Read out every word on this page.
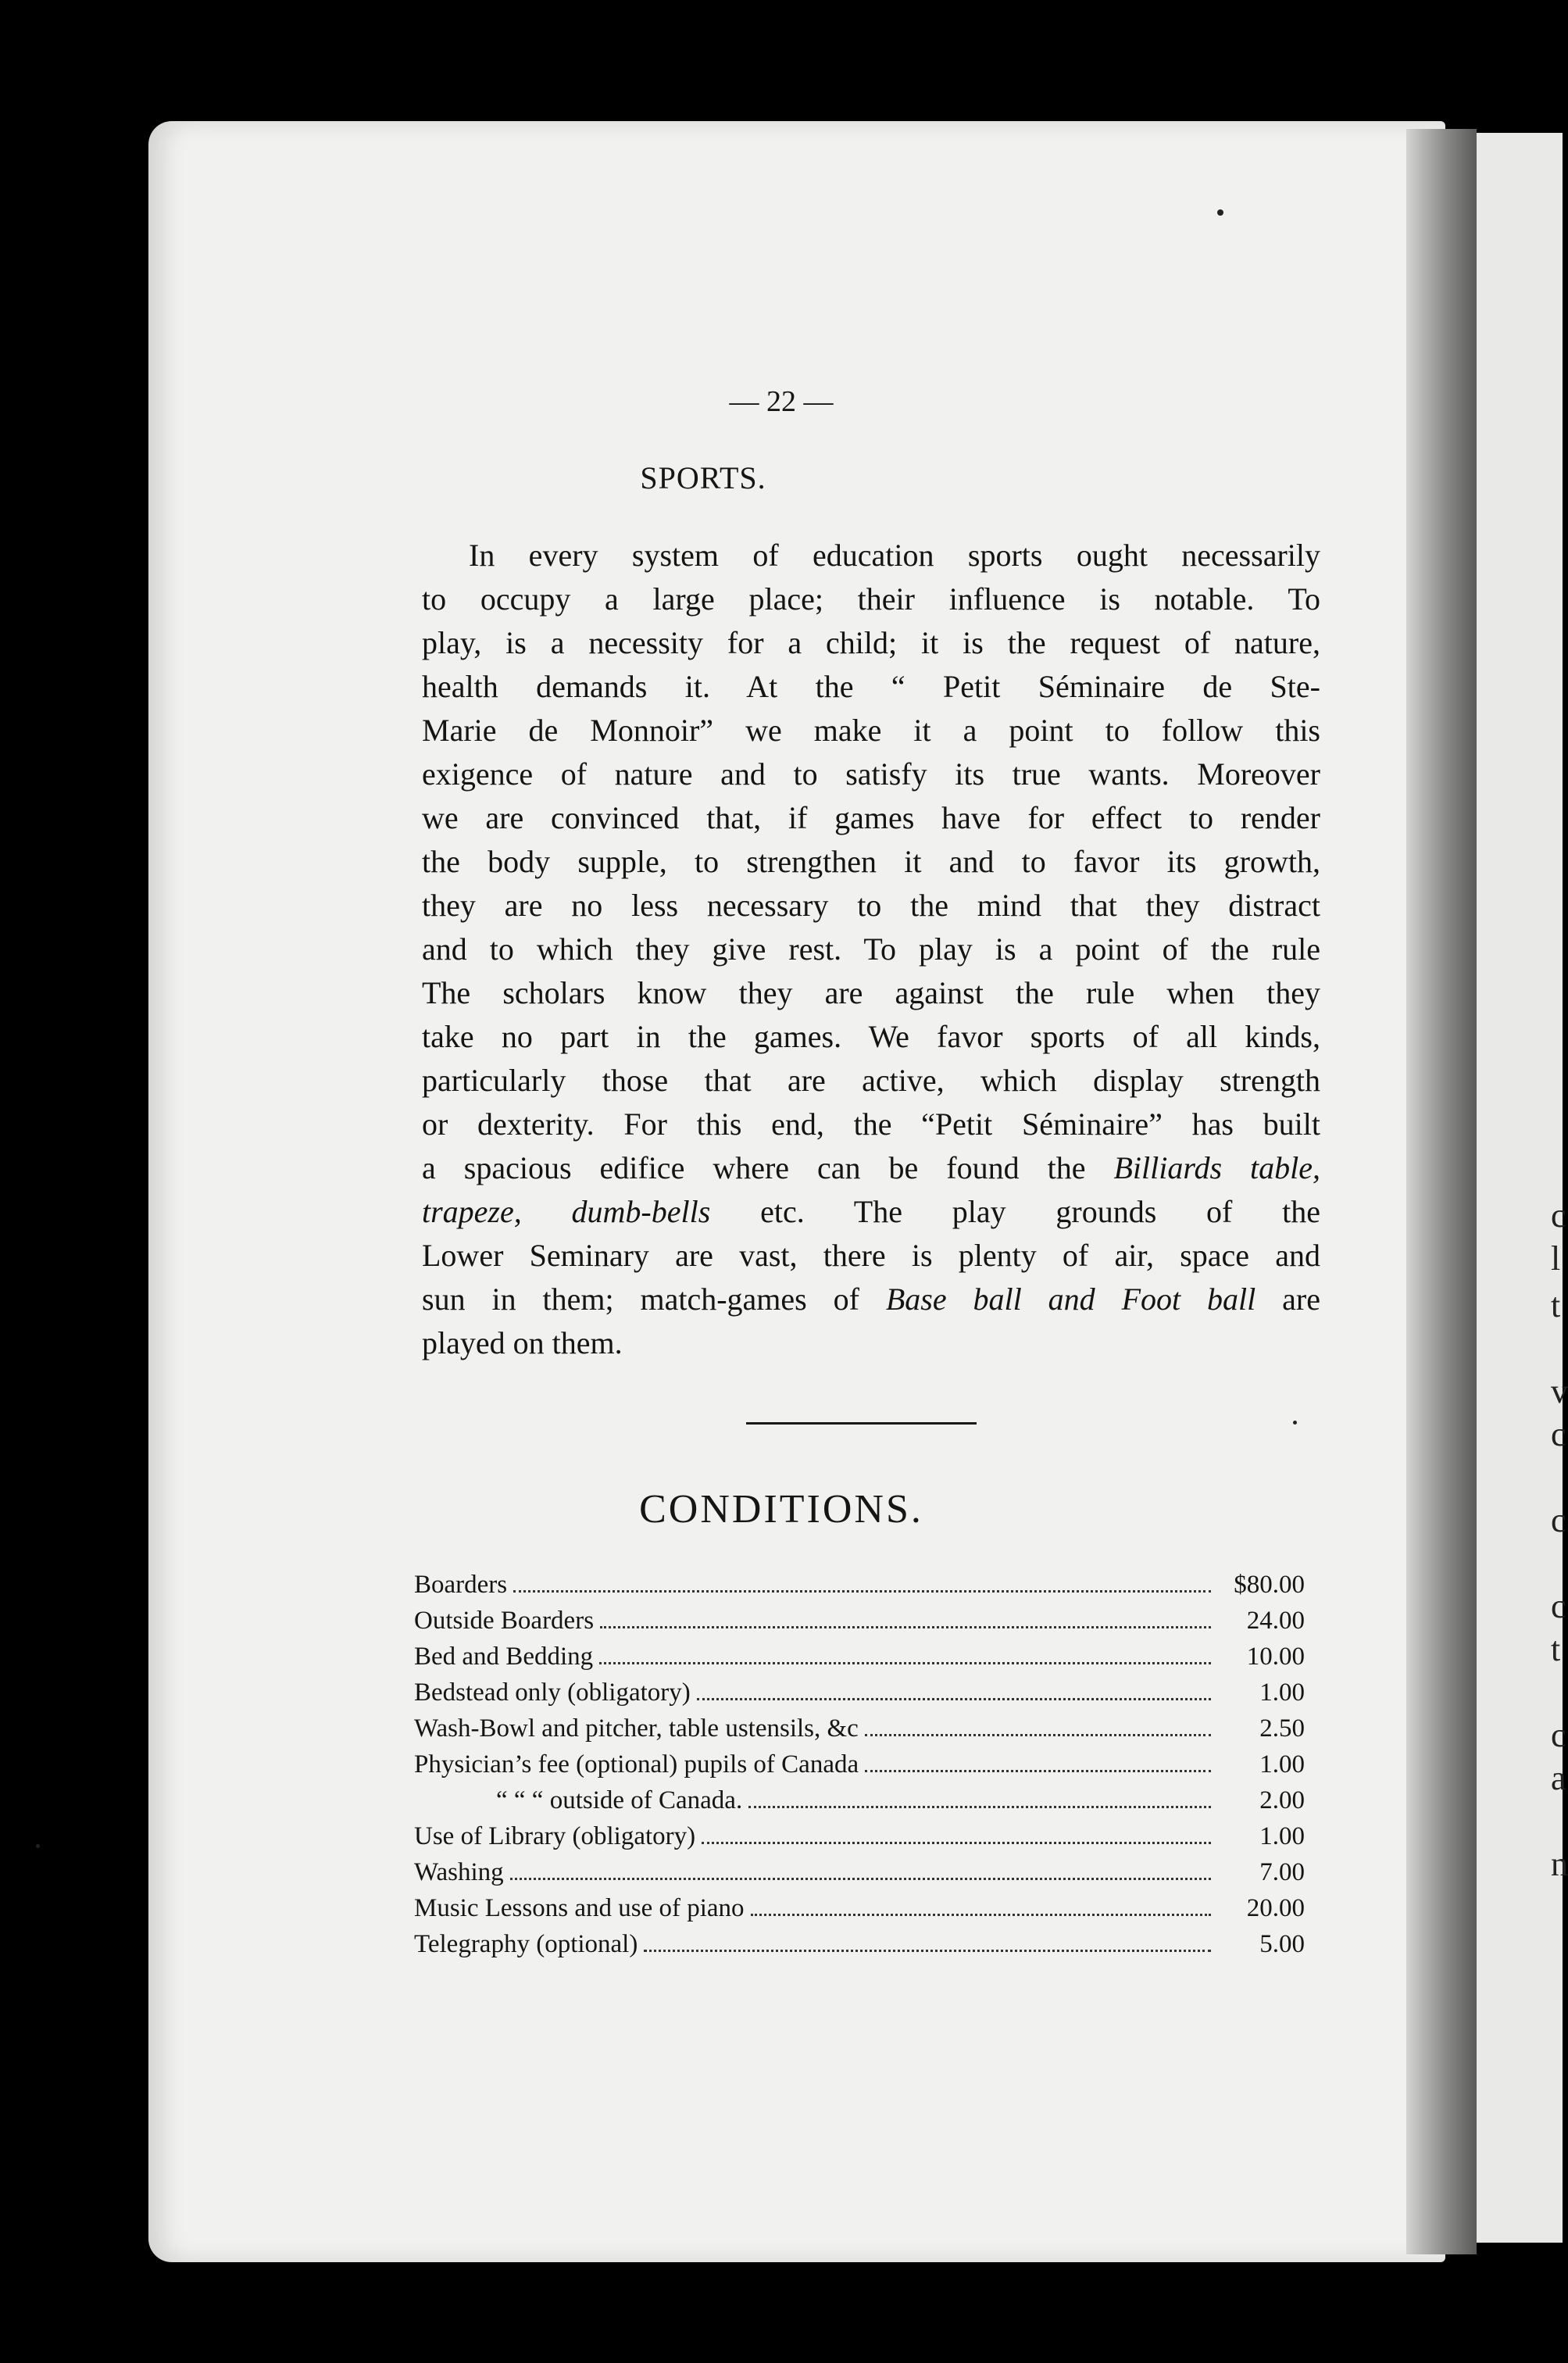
c
l
t
v
c
c
c
t
c
a
n
— 22 —
SPORTS.
In every system of education sports ought necessarily
to occupy a large place; their influence is notable. To
play, is a necessity for a child; it is the request of nature,
health demands it. At the “ Petit Séminaire de Ste-
Marie de Monnoir” we make it a point to follow this
exigence of nature and to satisfy its true wants. Moreover
we are convinced that, if games have for effect to render
the body supple, to strengthen it and to favor its growth,
they are no less necessary to the mind that they distract
and to which they give rest. To play is a point of the rule
The scholars know they are against the rule when they
take no part in the games. We favor sports of all kinds,
particularly those that are active, which display strength
or dexterity. For this end, the “Petit Séminaire” has built
a spacious edifice where can be found the Billiards table,
trapeze, dumb-bells etc. The play grounds of the
Lower Seminary are vast, there is plenty of air, space and
sun in them; match-games of Base ball and Foot ball are
played on them.
CONDITIONS.
Boarders	$80.00
Outside Boarders	24.00
Bed and Bedding	10.00
Bedstead only (obligatory)	1.00
Wash-Bowl and pitcher, table ustensils, &c	2.50
Physician’s fee (optional) pupils of Canada	1.00
“ “ “ outside of Canada.	2.00
Use of Library (obligatory)	1.00
Washing	7.00
Music Lessons and use of piano	20.00
Telegraphy (optional)	5.00
